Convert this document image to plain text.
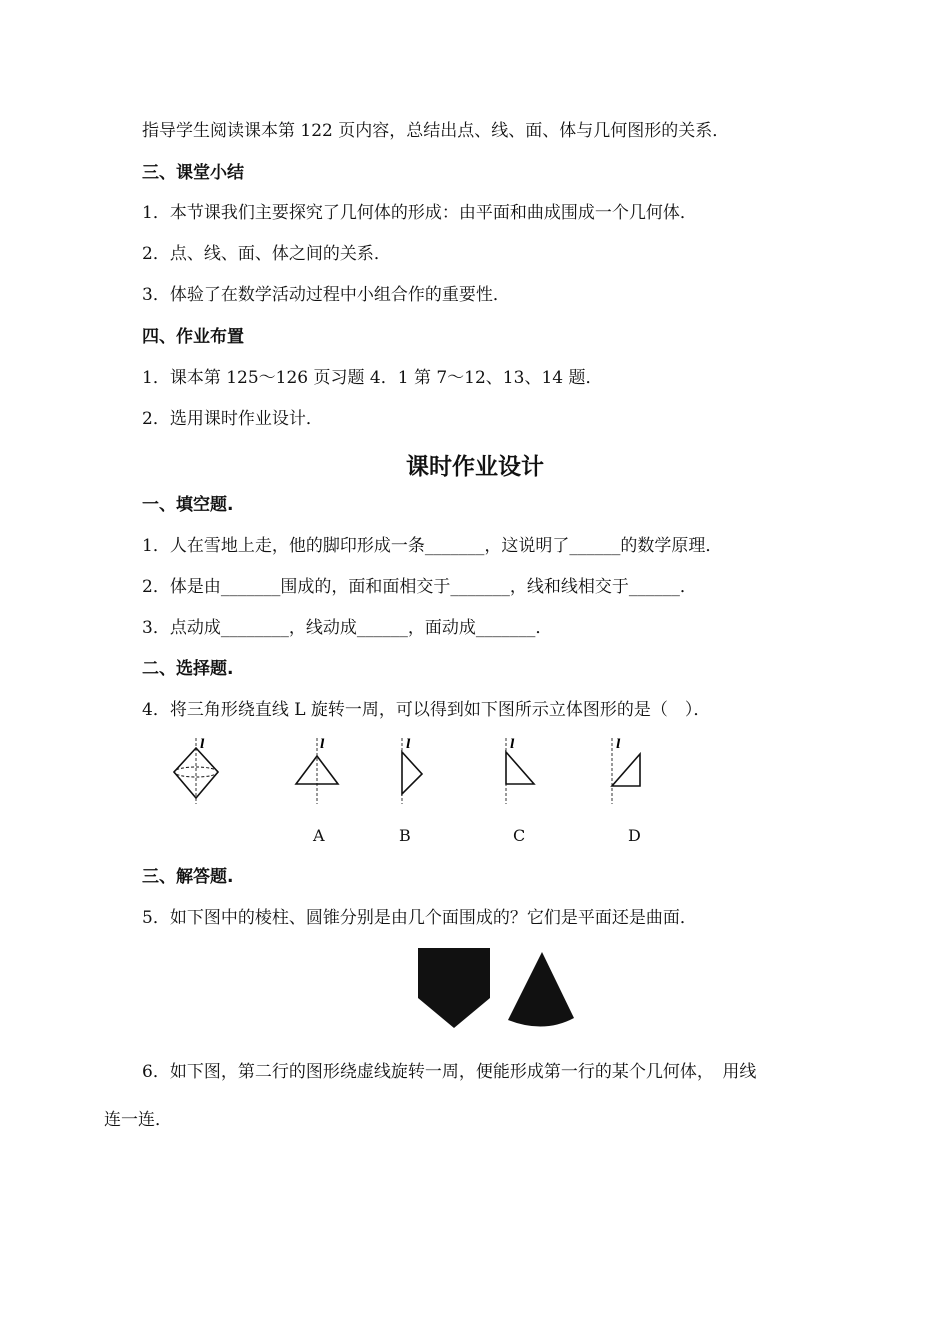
指导学生阅读课本第 122 页内容，总结出点、线、面、体与几何图形的关系．
三、课堂小结
1．本节课我们主要探究了几何体的形成：由平面和曲成围成一个几何体．
2．点、线、面、体之间的关系．
3．体验了在数学活动过程中小组合作的重要性．
四、作业布置
1．课本第 125～126 页习题 4．1 第 7～12、13、14 题．
2．选用课时作业设计．
课时作业设计
一、填空题.
1．人在雪地上走，他的脚印形成一条_______，这说明了______的数学原理．
2．体是由_______围成的，面和面相交于_______，线和线相交于______．
3．点动成________，线动成______，面动成_______．
二、选择题.
4．将三角形绕直线 L 旋转一周，可以得到如下图所示立体图形的是（　）．
l	l	l	l	l
A	B	C	D
三、解答题.
5．如下图中的棱柱、圆锥分别是由几个面围成的？它们是平面还是曲面．
6．如下图，第二行的图形绕虚线旋转一周，便能形成第一行的某个几何体，　用线
连一连．
